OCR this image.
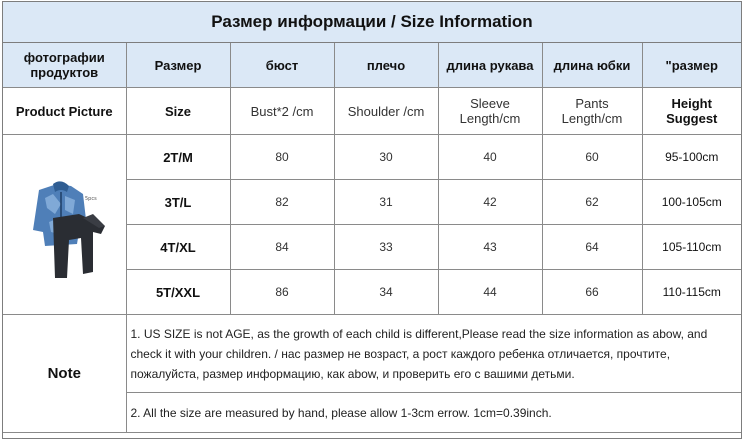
Размер информации / Size Information
фотографии продуктов	Размер	бюст	плечо	длина рукава	длина юбки	"размер
Product Picture	Size	Bust*2 /cm	Shoulder /cm	Sleeve Length/cm	Pants Length/cm	Height Suggest

5pcs	2T/M	80	30	40	60	95-100cm
	3T/L	82	31	42	62	100-105cm
	4T/XL	84	33	43	64	105-110cm
	5T/XXL	86	34	44	66	110-115cm
Note	1. US SIZE is not AGE, as the growth of each child is different,Please read the size information as abow, and check it with your children. / нас размер не возраст, а рост каждого ребенка отличается, прочтите, пожалуйста, размер информацию, как abow, и проверить его с вашими детьми.					
	2. All the size are measured by hand, please allow 1-3cm errow. 1cm=0.39inch.					
